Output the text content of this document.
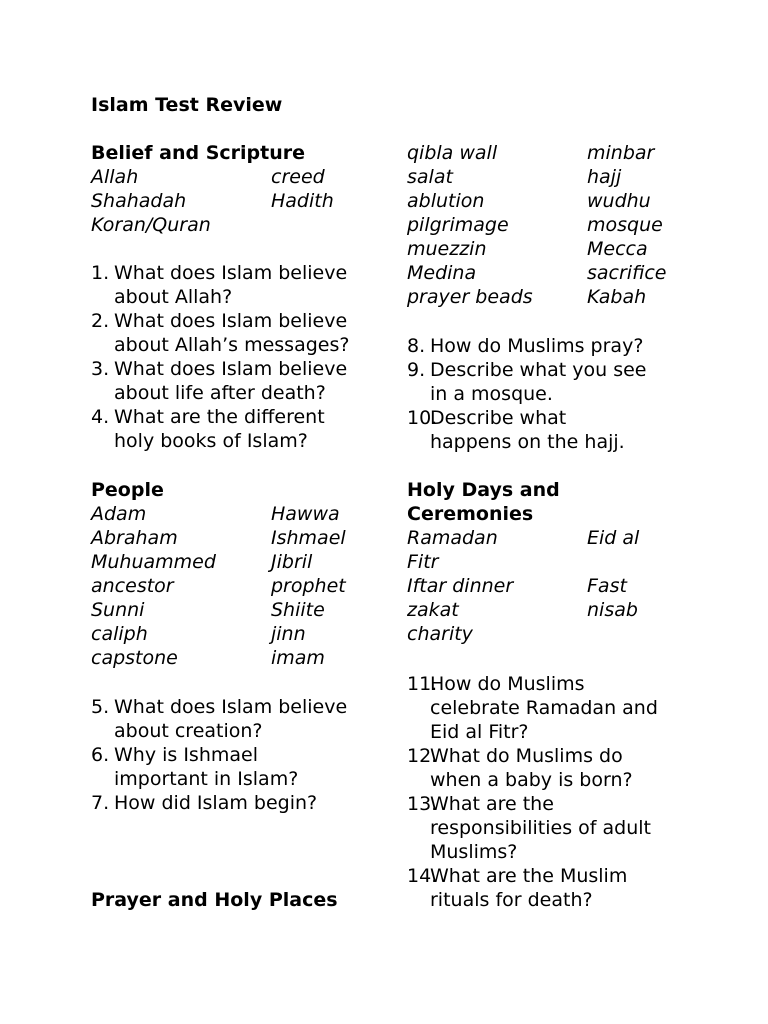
Islam Test Review
Belief and Scripture
Allah	creed
Shahadah	Hadith
Koran/Quran
1. What does Islam believe
about Allah?
2. What does Islam believe
about Allah’s messages?
3. What does Islam believe
about life after death?
4. What are the different
holy books of Islam?
People
Adam	Hawwa
Abraham	Ishmael
Muhuammed	Jibril
ancestor	prophet
Sunni	Shiite
caliph	jinn
capstone	imam
5. What does Islam believe
about creation?
6. Why is Ishmael
important in Islam?
7. How did Islam begin?
Prayer and Holy Places
qibla wall	minbar
salat	hajj
ablution	wudhu
pilgrimage	mosque
muezzin	Mecca
Medina	sacrifice
prayer beads	Kabah
8. How do Muslims pray?
9. Describe what you see
in a mosque.
10.
Describe what
happens on the hajj.
Holy Days and
Ceremonies
Ramadan	Eid al
Fitr
Iftar dinner	Fast
zakat	nisab
charity
11.
How do Muslims
celebrate Ramadan and
Eid al Fitr?
12.
What do Muslims do
when a baby is born?
13.
What are the
responsibilities of adult
Muslims?
14.
What are the Muslim
rituals for death?
